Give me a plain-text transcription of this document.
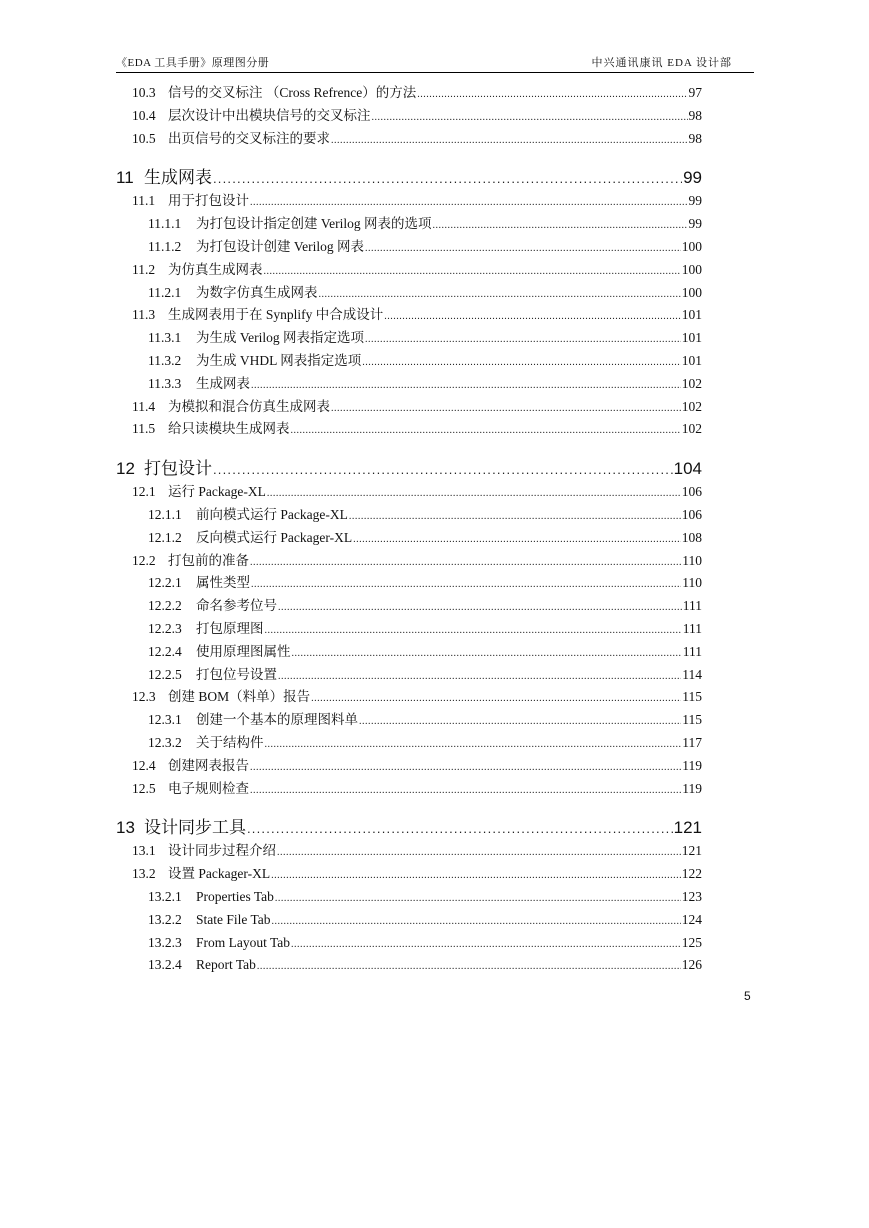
《EDA 工具手册》原理图分册	中兴通讯康讯 EDA 设计部
10.3 信号的交叉标注 （Cross Refrence）的方法 .....	97
10.4 层次设计中出模块信号的交叉标注 .....	98
10.5 出页信号的交叉标注的要求 .....	98
11 生成网表 .....	99
11.1 用于打包设计 .....	99
11.1.1	为打包设计指定创建 Verilog 网表的选项 .....	99
11.1.2	为打包设计创建 Verilog 网表 .....	100
11.2 为仿真生成网表 .....	100
11.2.1	为数字仿真生成网表 .....	100
11.3 生成网表用于在 Synplify 中合成设计 .....	101
11.3.1	为生成 Verilog 网表指定选项 .....	101
11.3.2	为生成 VHDL 网表指定选项 .....	101
11.3.3	生成网表 .....	102
11.4 为模拟和混合仿真生成网表 .....	102
11.5 给只读模块生成网表 .....	102
12 打包设计 .....	104
12.1 运行 Package-XL .....	106
12.1.1	前向模式运行 Package-XL .....	106
12.1.2	反向模式运行 Packager-XL .....	108
12.2 打包前的准备 .....	110
12.2.1	属性类型 .....	110
12.2.2	命名参考位号 .....	111
12.2.3	打包原理图 .....	111
12.2.4	使用原理图属性 .....	111
12.2.5	打包位号设置 .....	114
12.3 创建 BOM（料单）报告 .....	115
12.3.1	创建一个基本的原理图料单 .....	115
12.3.2	关于结构件 .....	117
12.4 创建网表报告 .....	119
12.5 电子规则检查 .....	119
13 设计同步工具 .....	121
13.1 设计同步过程介绍 .....	121
13.2 设置 Packager-XL .....	122
13.2.1	Properties Tab .....	123
13.2.2	State File Tab .....	124
13.2.3	From Layout Tab .....	125
13.2.4	Report Tab .....	126
5
